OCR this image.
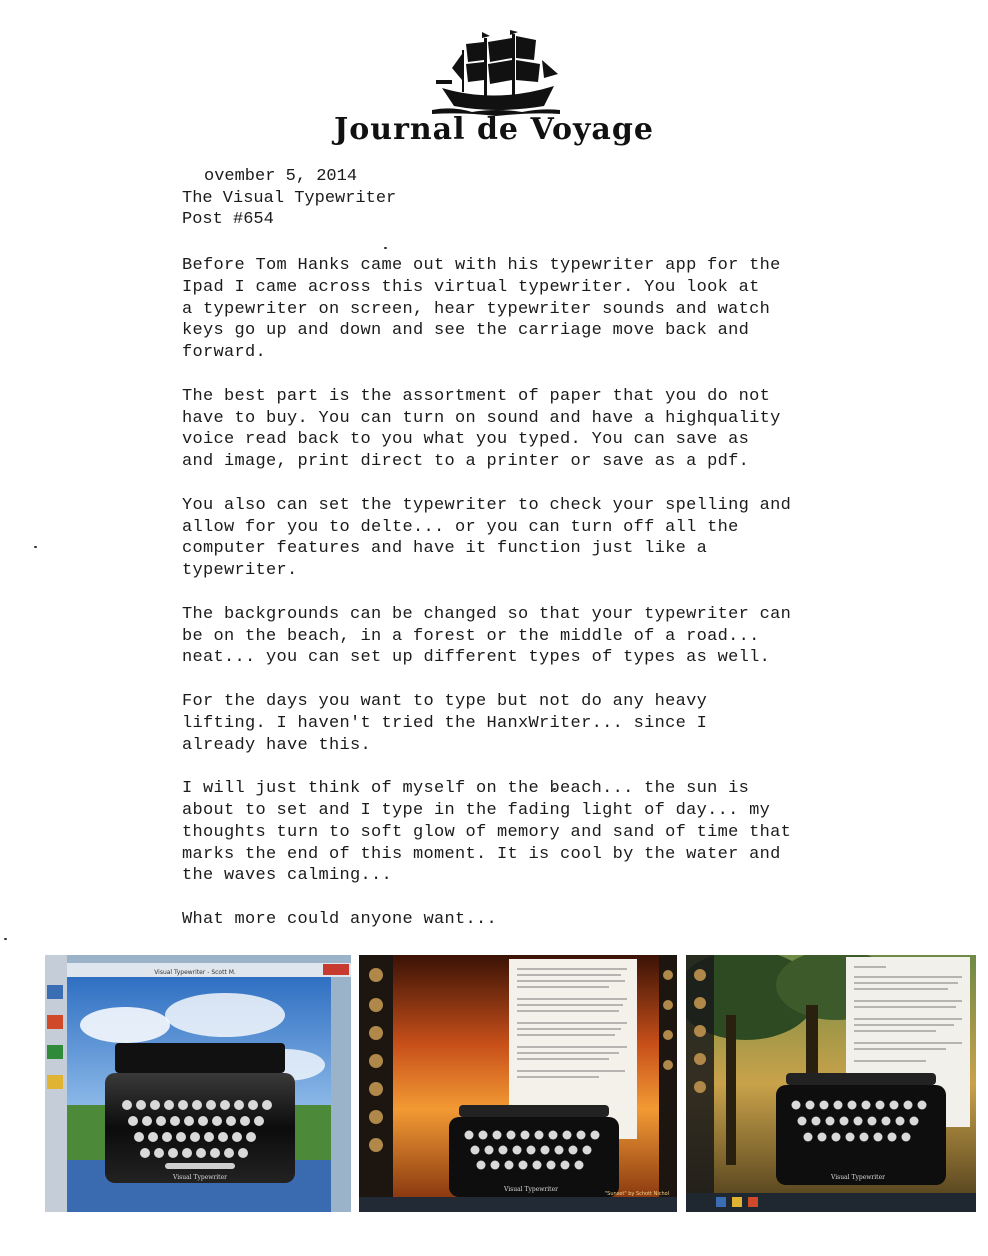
Journal de Voyage
ovember 5, 2014
The Visual Typewriter
Post #654

Before Tom Hanks came out with his typewriter app for the
Ipad I came across this virtual typewriter. You look at
a typewriter on screen, hear typewriter sounds and watch
keys go up and down and see the carriage move back and
forward.

The best part is the assortment of paper that you do not
have to buy. You can turn on sound and have a highquality
voice read back to you what you typed. You can save as
and image, print direct to a printer or save as a pdf.

You also can set the typewriter to check your spelling and
allow for you to delte... or you can turn off all the
computer features and have it function just like a
typewriter.

The backgrounds can be changed so that your typewriter can
be on the beach, in a forest or the middle of a road...
neat... you can set up different types of types as well.

For the days you want to type but not do any heavy
lifting. I haven't tried the HanxWriter... since I
already have this.

I will just think of myself on the beach... the sun is
about to set and I type in the fading light of day... my
thoughts turn to soft glow of memory and sand of time that
marks the end of this moment. It is cool by the water and
the waves calming...

What more could anyone want...

Visual Typewriter - Scott M.
Visual Typewriter
Visual Typewriter
"Sunset" by Schott Nichol
Visual Typewriter
